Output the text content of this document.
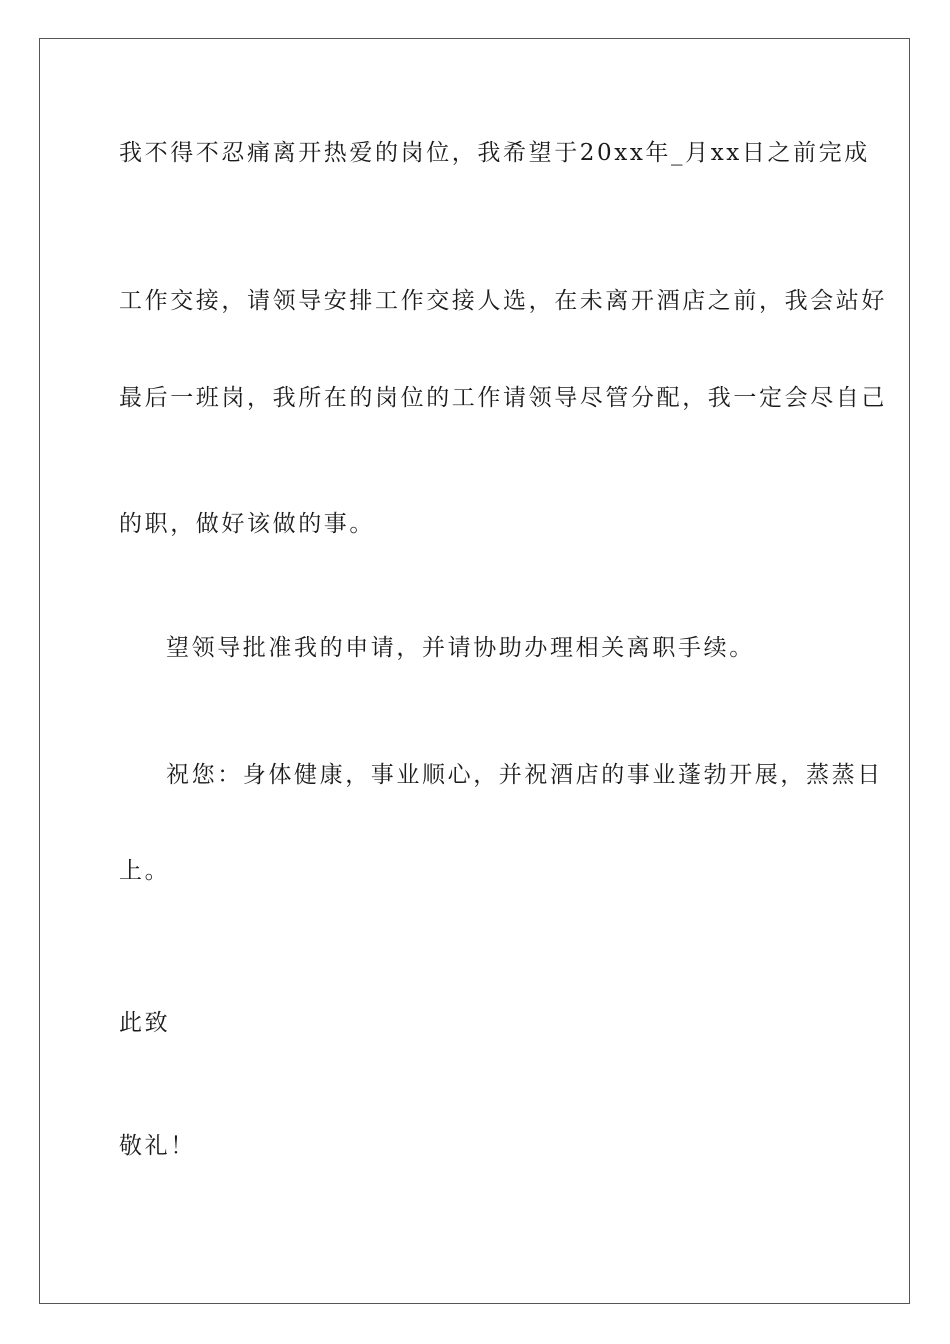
我不得不忍痛离开热爱的岗位，我希望于20xx年_月xx日之前完成
工作交接，请领导安排工作交接人选，在未离开酒店之前，我会站好
最后一班岗，我所在的岗位的工作请领导尽管分配，我一定会尽自己
的职，做好该做的事。
望领导批准我的申请，并请协助办理相关离职手续。
祝您：身体健康，事业顺心，并祝酒店的事业蓬勃开展，蒸蒸日
上。
此致
敬礼！
